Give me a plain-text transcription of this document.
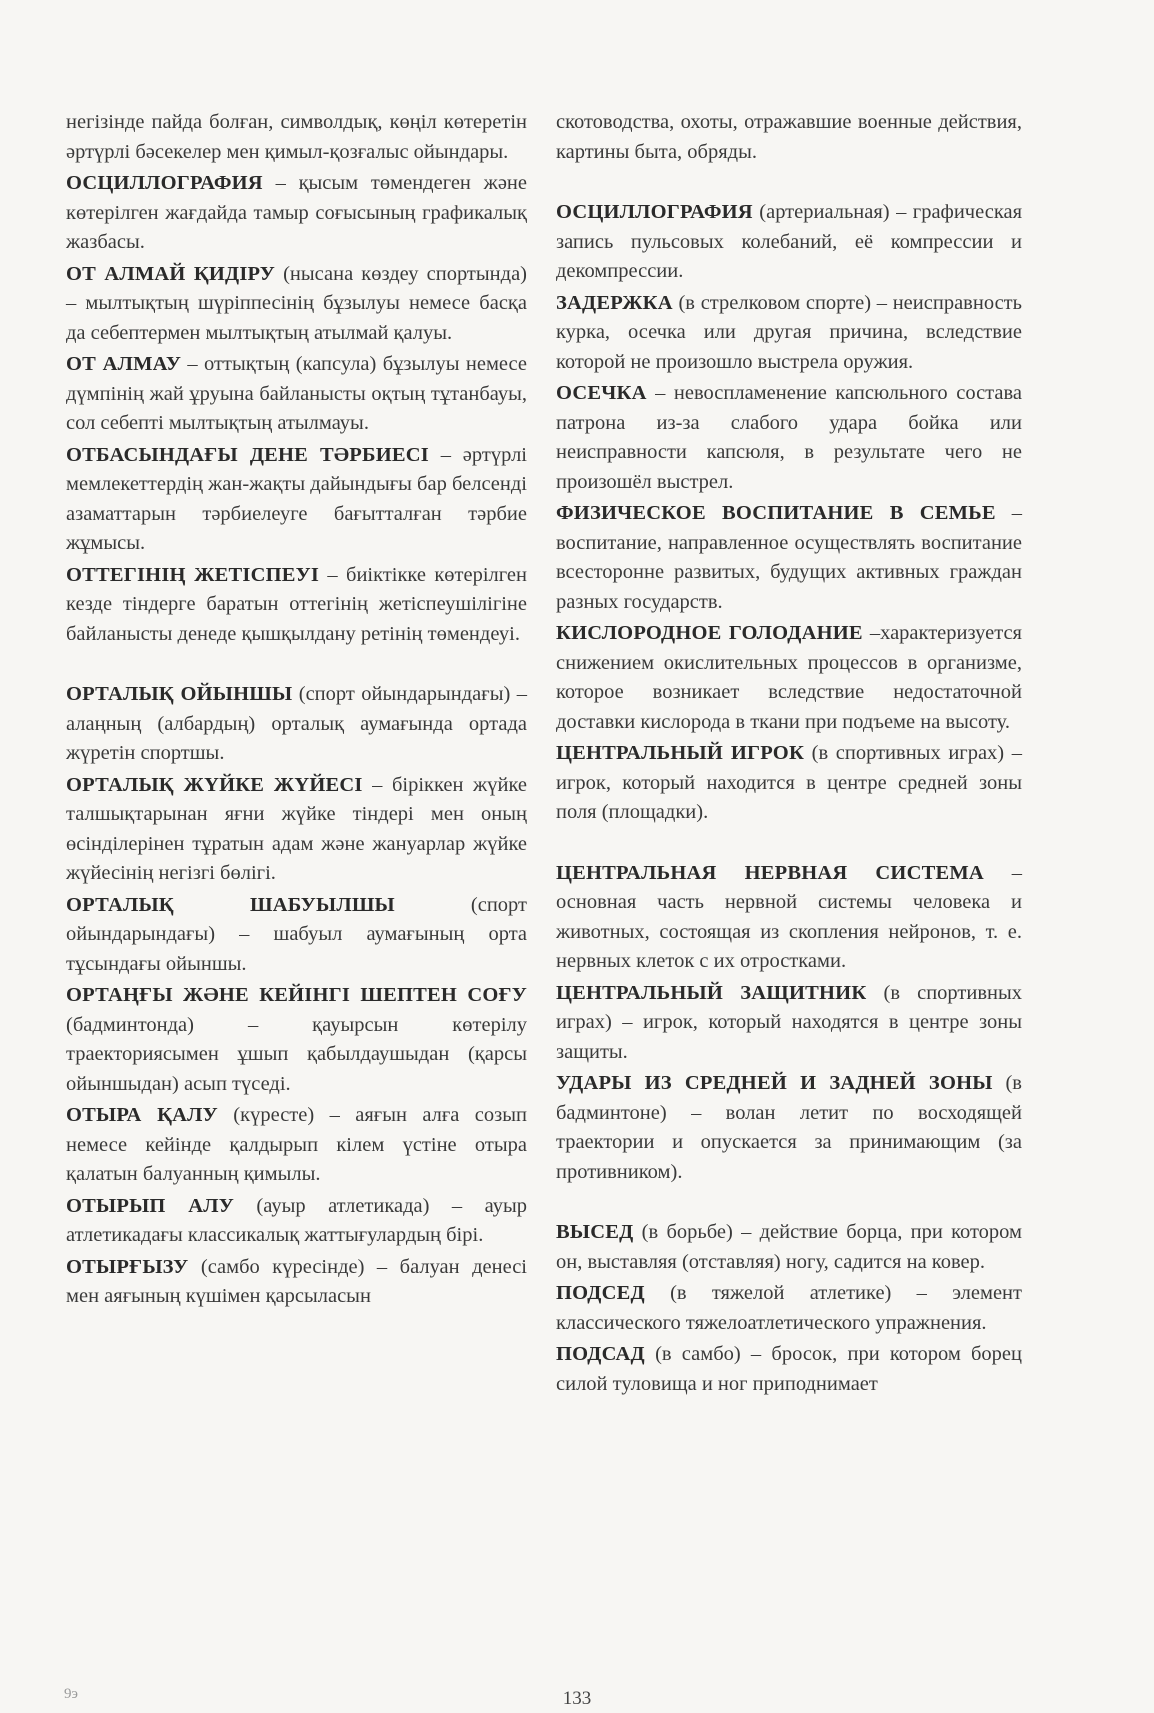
негізінде пайда болған, символдық, көңіл көтеретін әртүрлі бәсекелер мен қимыл-қозғалыс ойындары.

ОСЦИЛЛОГРАФИЯ – қысым төмендеген және көтерілген жағдайда тамыр соғысының графикалық жазбасы.

ОТ АЛМАЙ ҚИДІРУ (нысана көздеу спортында) – мылтықтың шүріппесінің бұзылуы немесе басқа да себептермен мылтықтың атылмай қалуы.

ОТ АЛМАУ – оттықтың (капсула) бұзылуы немесе дүмпінің жай ұруына байланысты оқтың тұтанбауы, сол себепті мылтықтың атылмауы.

ОТБАСЫНДАҒЫ ДЕНЕ ТӘРБИЕСІ – әртүрлі мемлекеттердің жан-жақты дайындығы бар белсенді азаматтарын тәрбиелеуге бағытталған тәрбие жұмысы.

ОТТЕГІНІҢ ЖЕТІСПЕУІ – биіктікке көтерілген кезде тіндерге баратын оттегінің жетіспеушілігіне байланысты денеде қышқылдану ретінің төмендеуі.

ОРТАЛЫҚ ОЙЫНШЫ (спорт ойындарындағы) – алаңның (албардың) орталық аумағында ортада жүретін спортшы.

ОРТАЛЫҚ ЖҮЙКЕ ЖҮЙЕСІ – біріккен жүйке талшықтарынан яғни жүйке тіндері мен оның өсінділерінен тұратын адам және жануарлар жүйке жүйесінің негізгі бөлігі.

ОРТАЛЫҚ ШАБУЫЛШЫ (спорт ойындарындағы) – шабуыл аумағының орта тұсындағы ойыншы.

ОРТАҢҒЫ ЖӘНЕ КЕЙІНГІ ШЕПТЕН СОҒУ (бадминтонда) – қауырсын көтерілу траекториясымен ұшып қабылдаушыдан (қарсы ойыншыдан) асып түседі.

ОТЫРА ҚАЛУ (күресте) – аяғын алға созып немесе кейінде қалдырып кілем үстіне отыра қалатын балуанның қимылы.

ОТЫРЫП АЛУ (ауыр атлетикада) – ауыр атлетикадағы классикалық жаттығулардың бірі.

ОТЫРҒЫЗУ (самбо күресінде) – балуан денесі мен аяғының күшімен қарсыласын

скотоводства, охоты, отражавшие военные действия, картины быта, обряды.

ОСЦИЛЛОГРАФИЯ (артериальная) – графическая запись пульсовых колебаний, её компрессии и декомпрессии.

ЗАДЕРЖКА (в стрелковом спорте) – неисправность курка, осечка или другая причина, вследствие которой не произошло выстрела оружия.

ОСЕЧКА – невоспламенение капсюльного состава патрона из-за слабого удара бойка или неисправности капсюля, в результате чего не произошёл выстрел.

ФИЗИЧЕСКОЕ ВОСПИТАНИЕ В СЕМЬЕ – воспитание, направленное осуществлять воспитание всесторонне развитых, будущих активных граждан разных государств.

КИСЛОРОДНОЕ ГОЛОДАНИЕ –характеризуется снижением окислительных процессов в организме, которое возникает вследствие недостаточной доставки кислорода в ткани при подъеме на высоту.

ЦЕНТРАЛЬНЫЙ ИГРОК (в спортивных играх) – игрок, который находится в центре средней зоны поля (площадки).

ЦЕНТРАЛЬНАЯ НЕРВНАЯ СИСТЕМА – основная часть нервной системы человека и животных, состоящая из скопления нейронов, т. е. нервных клеток с их отростками.

ЦЕНТРАЛЬНЫЙ ЗАЩИТНИК (в спортивных играх) – игрок, который находятся в центре зоны защиты.

УДАРЫ ИЗ СРЕДНЕЙ И ЗАДНЕЙ ЗОНЫ (в бадминтоне) – волан летит по восходящей траектории и опускается за принимающим (за противником).

ВЫСЕД (в борьбе) – действие борца, при котором он, выставляя (отставляя) ногу, садится на ковер.

ПОДСЕД (в тяжелой атлетике) – элемент классического тяжелоатлетического упражнения.

ПОДСАД (в самбо) – бросок, при котором борец силой туловища и ног приподнимает

9э	133
